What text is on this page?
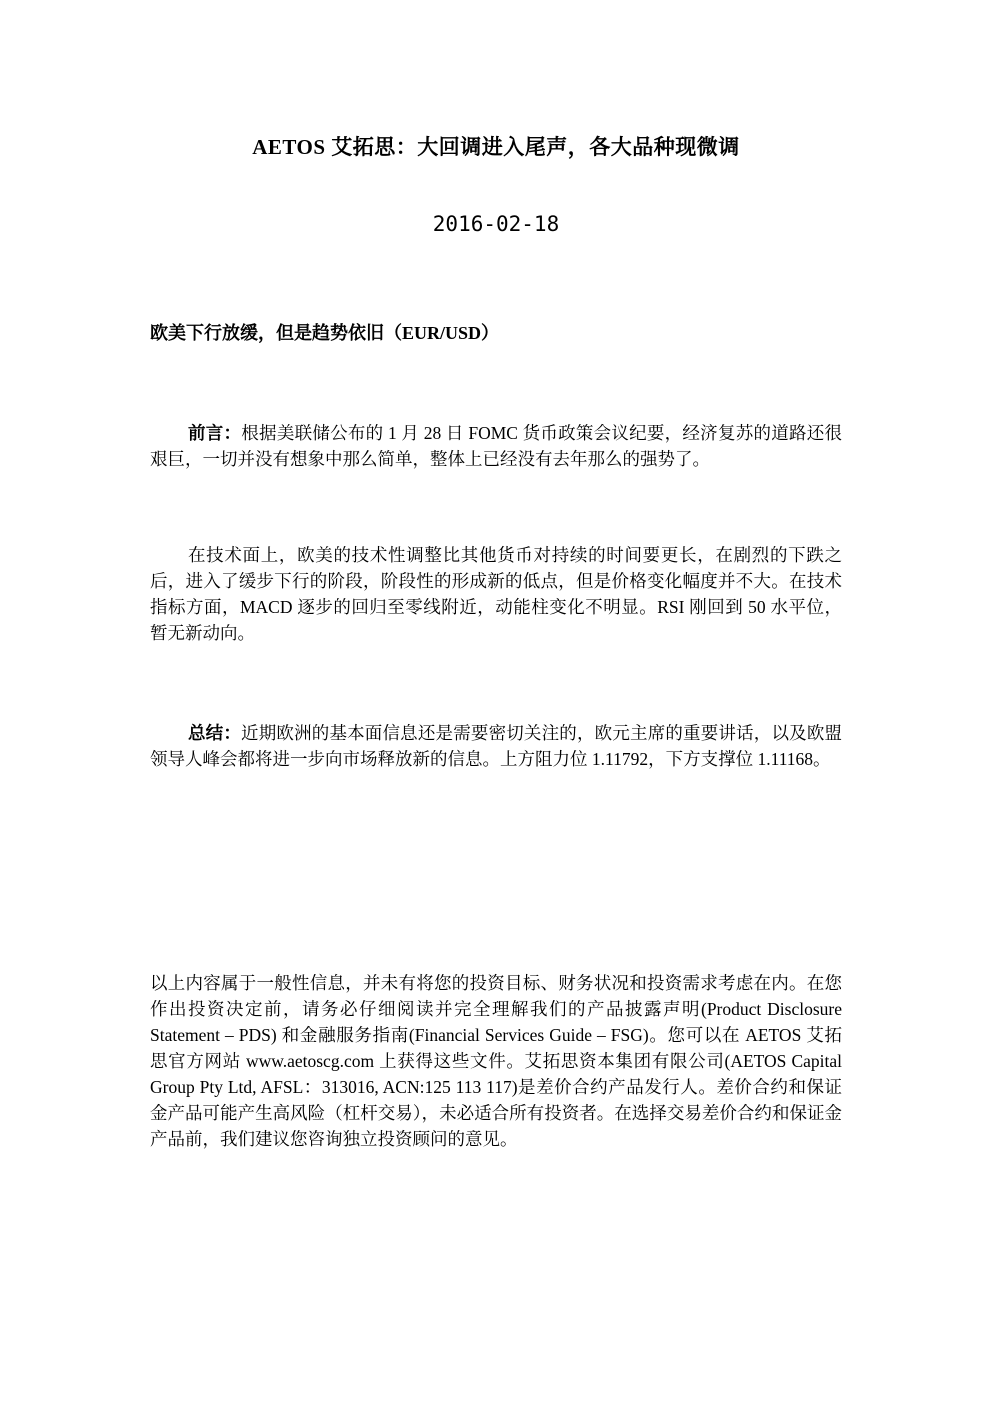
AETOS 艾拓思：大回调进入尾声，各大品种现微调
2016-02-18
欧美下行放缓，但是趋势依旧（EUR/USD）

前言：根据美联储公布的 1 月 28 日 FOMC 货币政策会议纪要，经济复苏的道路还很艰巨，一切并没有想象中那么简单，整体上已经没有去年那么的强势了。

在技术面上，欧美的技术性调整比其他货币对持续的时间要更长，在剧烈的下跌之后，进入了缓步下行的阶段，阶段性的形成新的低点，但是价格变化幅度并不大。在技术指标方面，MACD 逐步的回归至零线附近，动能柱变化不明显。RSI 刚回到 50 水平位，暂无新动向。

总结：近期欧洲的基本面信息还是需要密切关注的，欧元主席的重要讲话，以及欧盟领导人峰会都将进一步向市场释放新的信息。上方阻力位 1.11792，下方支撑位 1.11168。

以上内容属于一般性信息，并未有将您的投资目标、财务状况和投资需求考虑在内。在您作出投资决定前，请务必仔细阅读并完全理解我们的产品披露声明(Product Disclosure Statement – PDS) 和金融服务指南(Financial Services Guide – FSG)。您可以在 AETOS 艾拓思官方网站 www.aetoscg.com 上获得这些文件。艾拓思资本集团有限公司(AETOS Capital Group Pty Ltd, AFSL：313016, ACN:125 113 117)是差价合约产品发行人。差价合约和保证金产品可能产生高风险（杠杆交易），未必适合所有投资者。在选择交易差价合约和保证金产品前，我们建议您咨询独立投资顾问的意见。
